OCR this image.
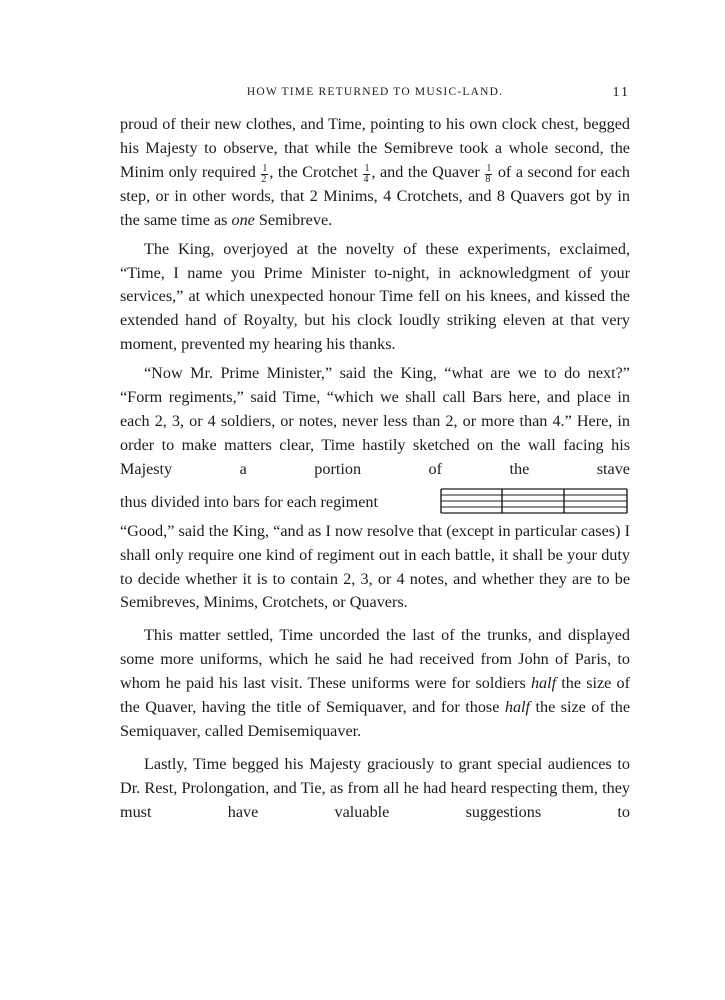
HOW TIME RETURNED TO MUSIC-LAND.	11

proud of their new clothes, and Time, pointing to his own clock chest, begged his Majesty to observe, that while the Semibreve took a whole second, the Minim only required $\frac{1}{2}$ , the Crotchet $\frac{1}{4}$ , and the Quaver $\frac{1}{8}$ of a second for each step, or in other words, that 2 Minims, 4 Crotchets, and 8 Quavers got by in the same time as one Semibreve.

The King, overjoyed at the novelty of these experiments, exclaimed, “Time, I name you Prime Minister to-night, in acknowledgment of your services,” at which unexpected honour Time fell on his knees, and kissed the extended hand of Royalty, but his clock loudly striking eleven at that very moment, prevented my hearing his thanks.

“Now Mr. Prime Minister,” said the King, “what are we to do next?” “Form regiments,” said Time, “which we shall call Bars here, and place in each 2, 3, or 4 soldiers, or notes, never less than 2, or more than 4.” Here, in order to make matters clear, Time hastily sketched on the wall facing his Majesty a portion of the stave

thus divided into bars for each regiment

“Good,” said the King, “and as I now resolve that (except in particular cases) I shall only require one kind of regiment out in each battle, it shall be your duty to decide whether it is to contain 2, 3, or 4 notes, and whether they are to be Semibreves, Minims, Crotchets, or Quavers.

This matter settled, Time uncorded the last of the trunks, and displayed some more uniforms, which he said he had received from John of Paris, to whom he paid his last visit. These uniforms were for soldiers half the size of the Quaver, having the title of Semiquaver, and for those half the size of the Semiquaver, called Demisemiquaver.

Lastly, Time begged his Majesty graciously to grant special audiences to Dr. Rest, Prolongation, and Tie, as from all he had heard respecting them, they must have valuable suggestions to
